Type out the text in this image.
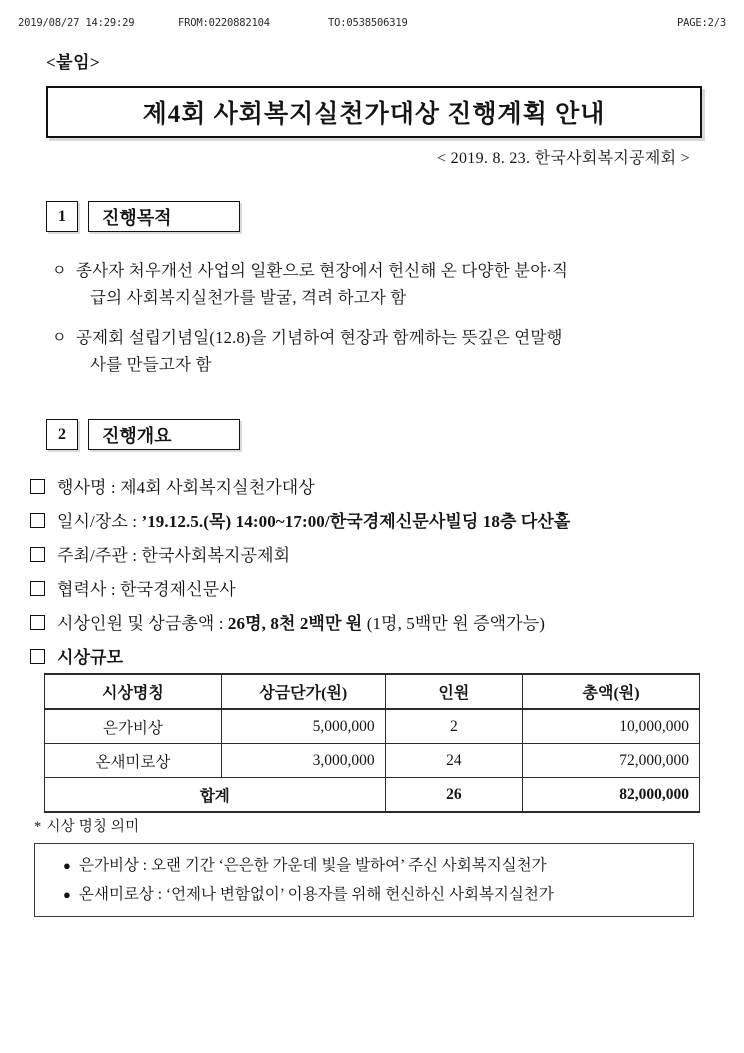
2019/08/27 14:29:29	FROM:0220882104	TO:0538506319	PAGE:2/3
<붙임>
제4회 사회복지실천가대상 진행계획 안내
< 2019. 8. 23. 한국사회복지공제회 >
1	진행목적
ㅇ 종사자 처우개선 사업의 일환으로 현장에서 헌신해 온 다양한 분야·직
급의 사회복지실천가를 발굴, 격려 하고자 함
ㅇ 공제회 설립기념일(12.8)을 기념하여 현장과 함께하는 뜻깊은 연말행
사를 만들고자 함
2	진행개요
행사명 : 제4회 사회복지실천가대상
일시/장소 : ’19.12.5.(목) 14:00~17:00/한국경제신문사빌딩 18층 다산홀
주최/주관 : 한국사회복지공제회
협력사 : 한국경제신문사
시상인원 및 상금총액 : 26명, 8천 2백만 원 (1명, 5백만 원 증액가능)
시상규모
시상명칭	상금단가(원)	인원	총액(원)
은가비상	5,000,000	2	10,000,000
온새미로상	3,000,000	24	72,000,000
합계		26	82,000,000
* 시상 명칭 의미
● 은가비상 : 오랜 기간 ‘은은한 가운데 빛을 발하여’ 주신 사회복지실천가
● 온새미로상 : ‘언제나 변함없이’ 이용자를 위해 헌신하신 사회복지실천가
